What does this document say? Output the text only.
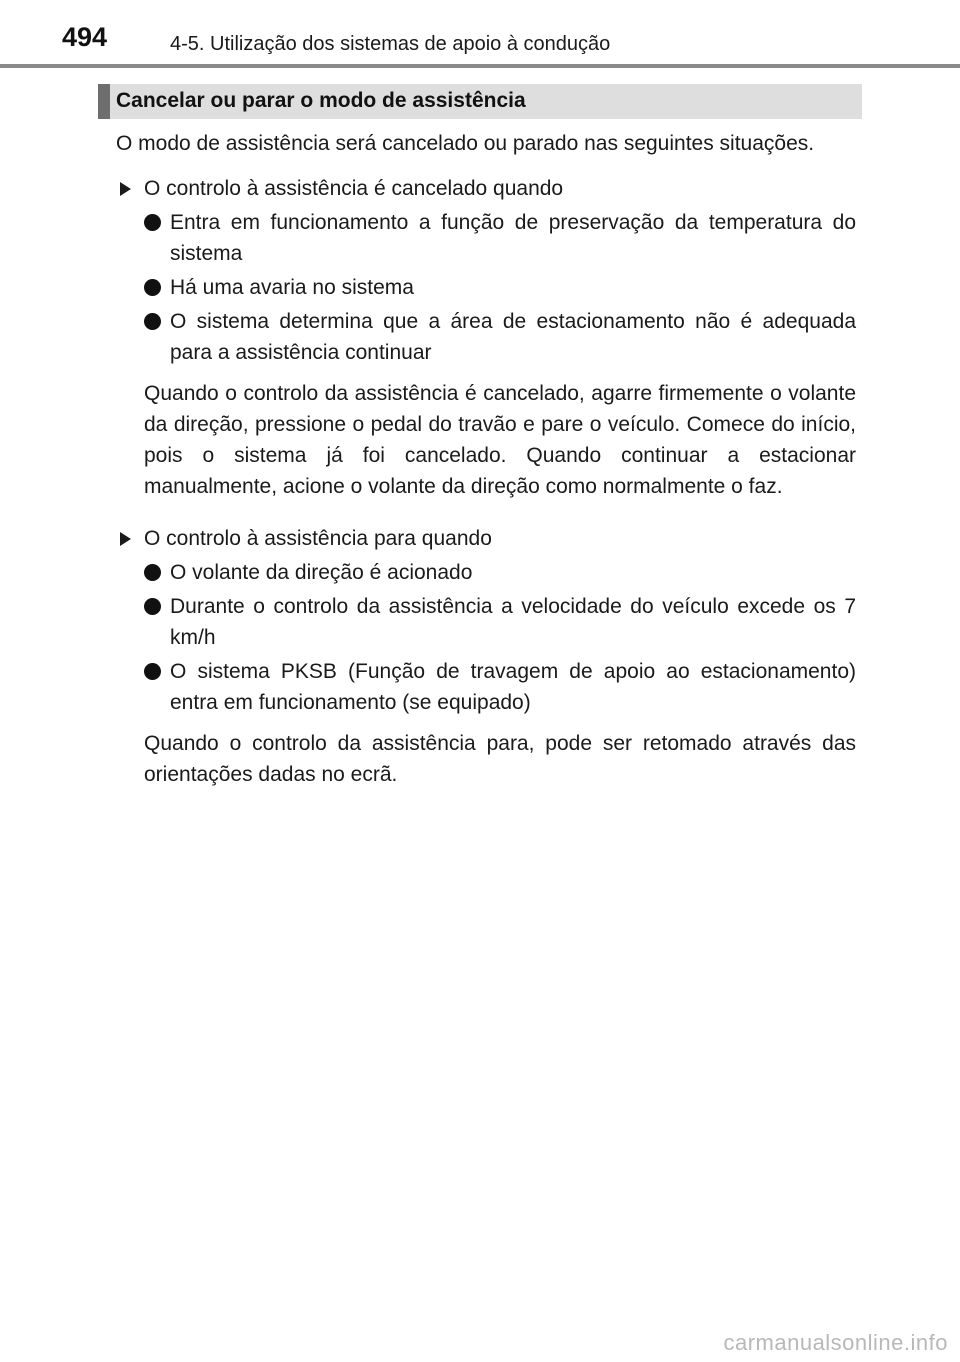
494	4-5. Utilização dos sistemas de apoio à condução
Cancelar ou parar o modo de assistência

O modo de assistência será cancelado ou parado nas seguintes situações.

O controlo à assistência é cancelado quando
Entra em funcionamento a função de preservação da temperatura do sistema
Há uma avaria no sistema
O sistema determina que a área de estacionamento não é adequada para a assistência continuar

Quando o controlo da assistência é cancelado, agarre firmemente o volante da direção, pressione o pedal do travão e pare o veículo. Comece do início, pois o sistema já foi cancelado. Quando continuar a estacionar manualmente, acione o volante da direção como normalmente o faz.

O controlo à assistência para quando
O volante da direção é acionado
Durante o controlo da assistência a velocidade do veículo excede os 7 km/h
O sistema PKSB (Função de travagem de apoio ao estacionamento) entra em funcionamento (se equipado)

Quando o controlo da assistência para, pode ser retomado através das orientações dadas no ecrã.

carmanualsonline.info
